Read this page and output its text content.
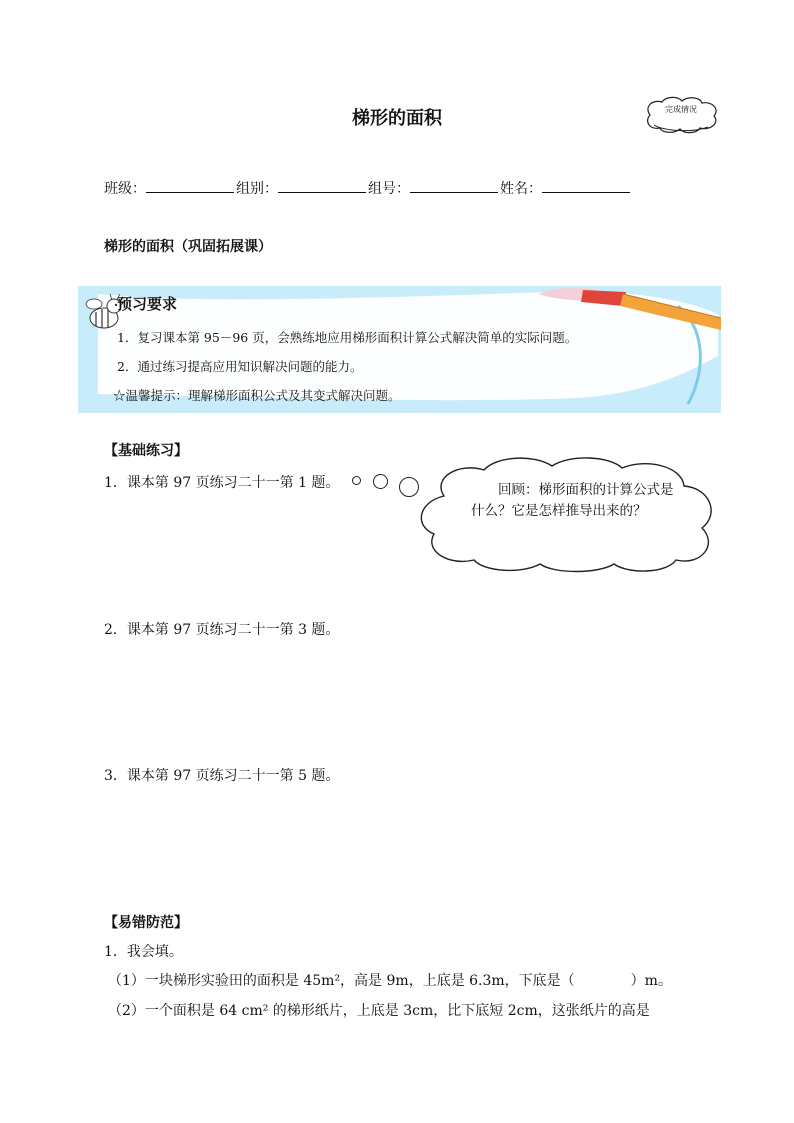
梯形的面积	完成情况
班级：	组别：	组号：	姓名：
梯形的面积（巩固拓展课）
预习要求
1．复习课本第 95－96 页，会熟练地应用梯形面积计算公式解决简单的实际问题。
2．通过练习提高应用知识解决问题的能力。
☆温馨提示：理解梯形面积公式及其变式解决问题。
【基础练习】
1．课本第 97 页练习二十一第 1 题。	　　回顾：梯形面积的计算公式是什么？它是怎样推导出来的？
2．课本第 97 页练习二十一第 3 题。
3．课本第 97 页练习二十一第 5 题。
【易错防范】
1．我会填。
（1）一块梯形实验田的面积是 45m²，高是 9m，上底是 6.3m，下底是（　　　　）m。
（2）一个面积是 64 cm² 的梯形纸片，上底是 3cm，比下底短 2cm，这张纸片的高是
